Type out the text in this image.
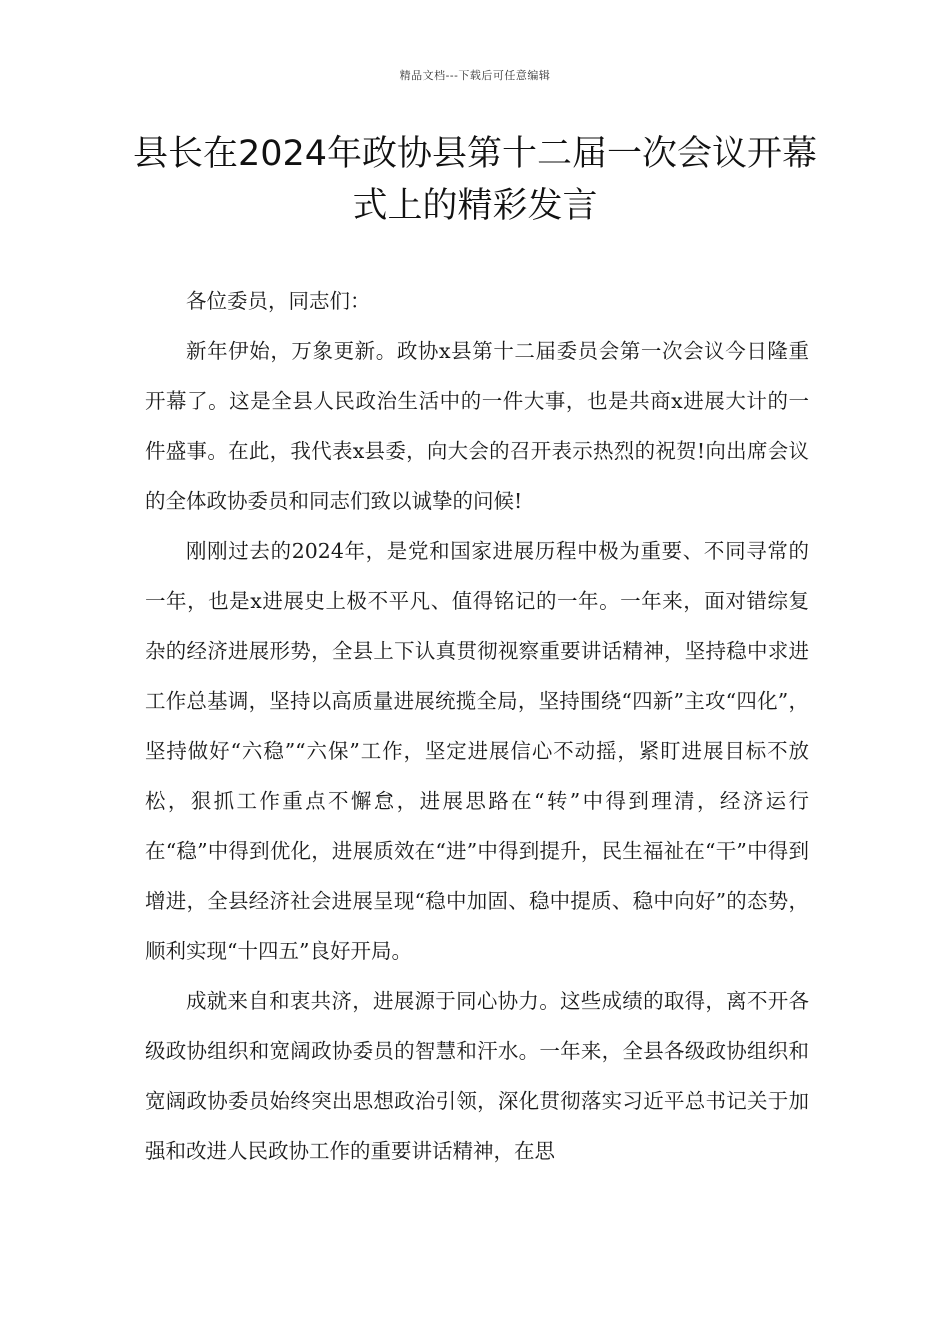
精品文档---下载后可任意编辑
县长在2024年政协县第十二届一次会议开幕式上的精彩发言

各位委员，同志们：

新年伊始，万象更新。政协x县第十二届委员会第一次会议今日隆重开幕了。这是全县人民政治生活中的一件大事，也是共商x进展大计的一件盛事。在此，我代表x县委，向大会的召开表示热烈的祝贺!向出席会议的全体政协委员和同志们致以诚挚的问候!

刚刚过去的2024年，是党和国家进展历程中极为重要、不同寻常的一年，也是x进展史上极不平凡、值得铭记的一年。一年来，面对错综复杂的经济进展形势，全县上下认真贯彻视察重要讲话精神，坚持稳中求进工作总基调，坚持以高质量进展统揽全局，坚持围绕“四新”主攻“四化”，坚持做好“六稳”“六保”工作，坚定进展信心不动摇，紧盯进展目标不放松，狠抓工作重点不懈怠，进展思路在“转”中得到理清，经济运行在“稳”中得到优化，进展质效在“进”中得到提升，民生福祉在“干”中得到增进，全县经济社会进展呈现“稳中加固、稳中提质、稳中向好”的态势，顺利实现“十四五”良好开局。

成就来自和衷共济，进展源于同心协力。这些成绩的取得，离不开各级政协组织和宽阔政协委员的智慧和汗水。一年来，全县各级政协组织和宽阔政协委员始终突出思想政治引领，深化贯彻落实习近平总书记关于加强和改进人民政协工作的重要讲话精神，在思
